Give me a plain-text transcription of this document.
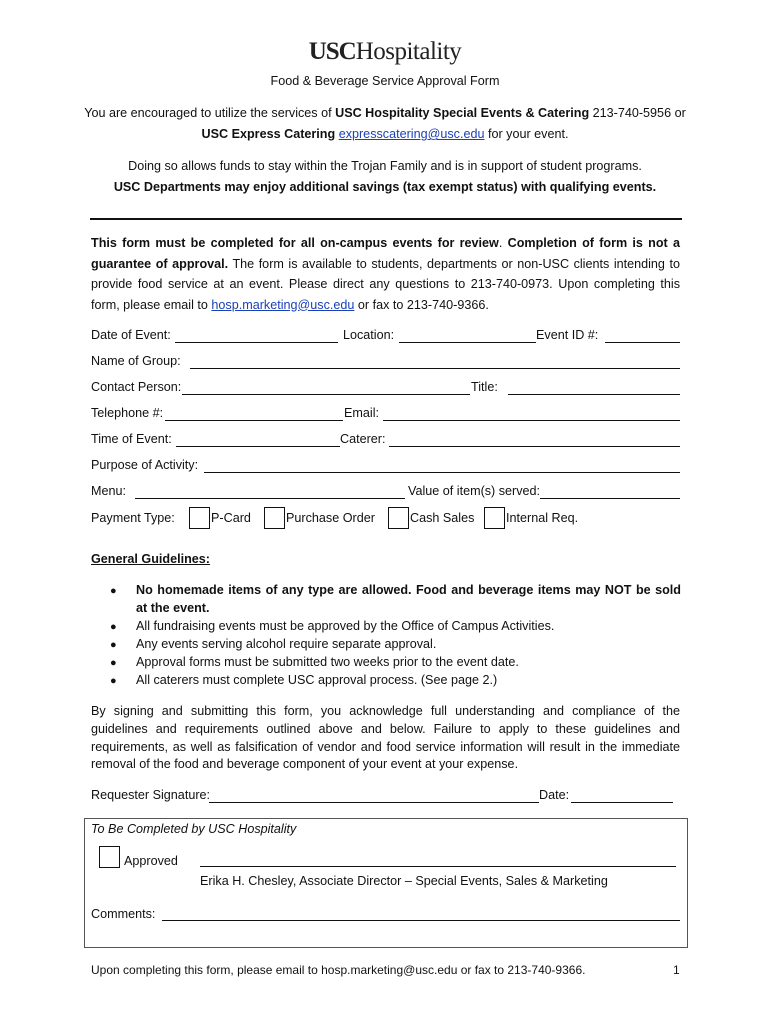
USCHospitality
Food & Beverage Service Approval Form
You are encouraged to utilize the services of USC Hospitality Special Events & Catering 213-740-5956 or
USC Express Catering expresscatering@usc.edu for your event.
Doing so allows funds to stay within the Trojan Family and is in support of student programs.
USC Departments may enjoy additional savings (tax exempt status) with qualifying events.
This form must be completed for all on-campus events for review. Completion of form is not a guarantee of approval. The form is available to students, departments or non-USC clients intending to provide food service at an event. Please direct any questions to 213-740-0973. Upon completing this form, please email to hosp.marketing@usc.edu or fax to 213-740-9366.
Date of Event:	Location:	Event ID #:
Name of Group:
Contact Person:	Title:
Telephone #:	Email:
Time of Event:	Caterer:
Purpose of Activity:
Menu:	Value of item(s) served:
Payment Type:	P-Card	Purchase Order	Cash Sales	Internal Req.
General Guidelines:
● No homemade items of any type are allowed. Food and beverage items may NOT be sold at the event.
● All fundraising events must be approved by the Office of Campus Activities.
● Any events serving alcohol require separate approval.
● Approval forms must be submitted two weeks prior to the event date.
● All caterers must complete USC approval process. (See page 2.)
By signing and submitting this form, you acknowledge full understanding and compliance of the guidelines and requirements outlined above and below. Failure to apply to these guidelines and requirements, as well as falsification of vendor and food service information will result in the immediate removal of the food and beverage component of your event at your expense.
Requester Signature:	Date:
To Be Completed by USC Hospitality
Approved
Erika H. Chesley, Associate Director – Special Events, Sales & Marketing
Comments:
Upon completing this form, please email to hosp.marketing@usc.edu or fax to 213-740-9366.	1
